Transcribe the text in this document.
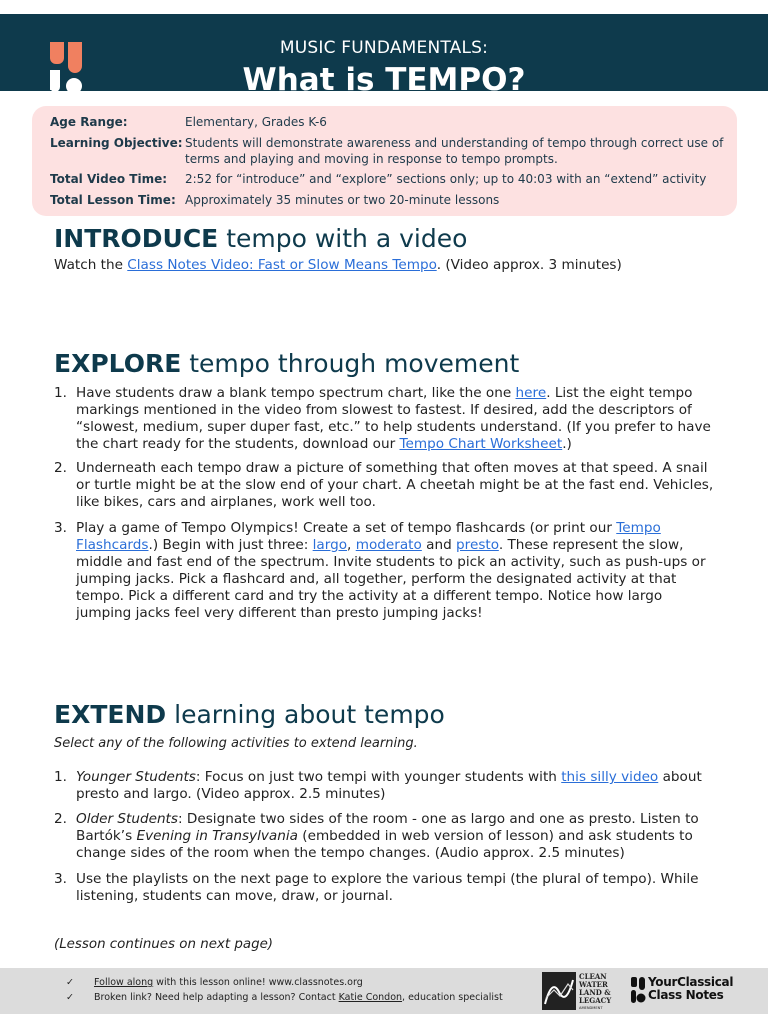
MUSIC FUNDAMENTALS:
What is TEMPO?
Age Range:	Elementary, Grades K-6
Learning Objective: Students will demonstrate awareness and understanding of tempo through correct use of terms and playing and moving in response to tempo prompts.
Total Video Time:	2:52 for “introduce” and “explore” sections only; up to 40:03 with an “extend” activity
Total Lesson Time: Approximately 35 minutes or two 20-minute lessons
INTRODUCE tempo with a video
Watch the Class Notes Video: Fast or Slow Means Tempo. (Video approx. 3 minutes)
EXPLORE tempo through movement
1. Have students draw a blank tempo spectrum chart, like the one here. List the eight tempo markings mentioned in the video from slowest to fastest. If desired, add the descriptors of “slowest, medium, super duper fast, etc.” to help students understand. (If you prefer to have the chart ready for the students, download our Tempo Chart Worksheet.)
2. Underneath each tempo draw a picture of something that often moves at that speed. A snail or turtle might be at the slow end of your chart. A cheetah might be at the fast end. Vehicles, like bikes, cars and airplanes, work well too.
3. Play a game of Tempo Olympics! Create a set of tempo flashcards (or print our Tempo Flashcards.) Begin with just three: largo, moderato and presto. These represent the slow, middle and fast end of the spectrum. Invite students to pick an activity, such as push-ups or jumping jacks. Pick a flashcard and, all together, perform the designated activity at that tempo. Pick a different card and try the activity at a different tempo. Notice how largo jumping jacks feel very different than presto jumping jacks!
EXTEND learning about tempo
Select any of the following activities to extend learning.
1. Younger Students: Focus on just two tempi with younger students with this silly video about presto and largo. (Video approx. 2.5 minutes)
2. Older Students: Designate two sides of the room - one as largo and one as presto. Listen to Bartók’s Evening in Transylvania (embedded in web version of lesson) and ask students to change sides of the room when the tempo changes. (Audio approx. 2.5 minutes)
3. Use the playlists on the next page to explore the various tempi (the plural of tempo). While listening, students can move, draw, or journal.
(Lesson continues on next page)
✓ Follow along with this lesson online! www.classnotes.org
✓ Broken link? Need help adapting a lesson? Contact Katie Condon, education specialist
CLEAN
WATER
LAND &
LEGACY
AMENDMENT
YourClassical
Class Notes
